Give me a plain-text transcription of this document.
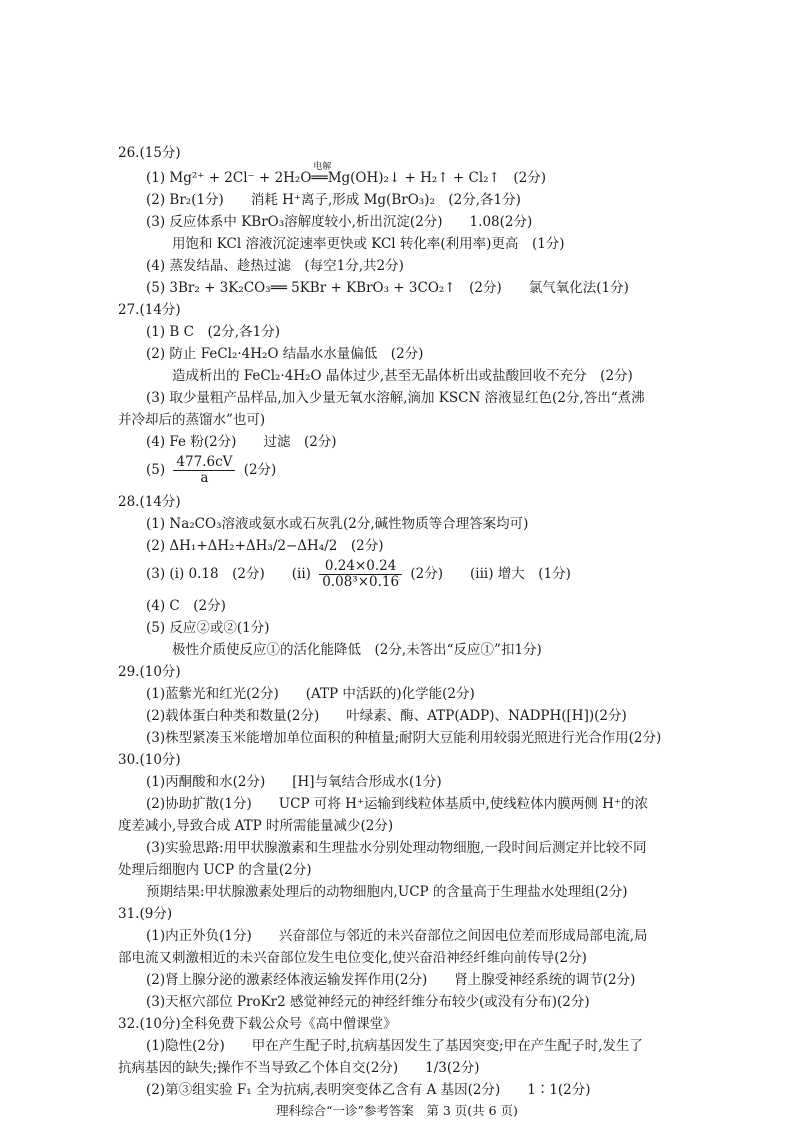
26.(15分)
(1) Mg²⁺ + 2Cl⁻ + 2H₂O
电解
══Mg(OH)₂↓ + H₂↑ + Cl₂↑　(2分)
(2) Br₂(1分)　　消耗 H⁺离子,形成 Mg(BrO₃)₂　(2分,各1分)
(3) 反应体系中 KBrO₃溶解度较小,析出沉淀(2分)　　1.08(2分)
用饱和 KCl 溶液沉淀速率更快或 KCl 转化率(利用率)更高　(1分)
(4) 蒸发结晶、趁热过滤　(每空1分,共2分)
(5) 3Br₂ + 3K₂CO₃══ 5KBr + KBrO₃ + 3CO₂↑　(2分)　　氯气氧化法(1分)
27.(14分)
(1) B C　(2分,各1分)
(2) 防止 FeCl₂·4H₂O 结晶水水量偏低　(2分)
造成析出的 FeCl₂·4H₂O 晶体过少,甚至无晶体析出或盐酸回收不充分　(2分)
(3) 取少量粗产品样品,加入少量无氧水溶解,滴加 KSCN 溶液显红色(2分,答出“煮沸
并冷却后的蒸馏水”也可)
(4) Fe 粉(2分)　　过滤　(2分)
$(5) \frac{477.6cV}{a} (2$分)
28.(14分)
(1) Na₂CO₃溶液或氨水或石灰乳(2分,碱性物质等合理答案均可)
(2) ΔH₁+ΔH₂+ΔH₃/2−ΔH₄/2　(2分)
(3) (i) 0.18　(2分)　　$(ii) \frac{0.24\times 0.24}{\text{0.08³×0.16}} (2$分)　　(iii) 增大　(1分)
(4) C　(2分)
(5) 反应②或②(1分)
极性介质使反应①的活化能降低　(2分,未答出“反应①”扣1分)
29.(10分)
(1)蓝紫光和红光(2分)　　(ATP 中活跃的)化学能(2分)
(2)载体蛋白种类和数量(2分)　　叶绿素、酶、ATP(ADP)、NADPH([H])(2分)
(3)株型紧凑玉米能增加单位面积的种植量;耐阴大豆能利用较弱光照进行光合作用(2分)
30.(10分)
(1)丙酮酸和水(2分)　　[H]与氧结合形成水(1分)
(2)协助扩散(1分)　　UCP 可将 H⁺运输到线粒体基质中,使线粒体内膜两侧 H⁺的浓
度差减小,导致合成 ATP 时所需能量减少(2分)
(3)实验思路:用甲状腺激素和生理盐水分别处理动物细胞,一段时间后测定并比较不同
处理后细胞内 UCP 的含量(2分)
预期结果:甲状腺激素处理后的动物细胞内,UCP 的含量高于生理盐水处理组(2分)
31.(9分)
(1)内正外负(1分)　　兴奋部位与邻近的未兴奋部位之间因电位差而形成局部电流,局
部电流又刺激相近的未兴奋部位发生电位变化,使兴奋沿神经纤维向前传导(2分)
(2)肾上腺分泌的激素经体液运输发挥作用(2分)　　肾上腺受神经系统的调节(2分)
(3)天枢穴部位 ProKr2 感觉神经元的神经纤维分布较少(或没有分布)(2分)
32.(10分)全科免费下载公众号《高中僧课堂》
(1)隐性(2分)　　甲在产生配子时,抗病基因发生了基因突变;甲在产生配子时,发生了
抗病基因的缺失;操作不当导致乙个体自交(2分)　　1/3(2分)
(2)第③组实验 F₁ 全为抗病,表明突变体乙含有 A 基因(2分)　　1∶1(2分)
理科综合“一诊”参考答案　第 3 页(共 6 页)
